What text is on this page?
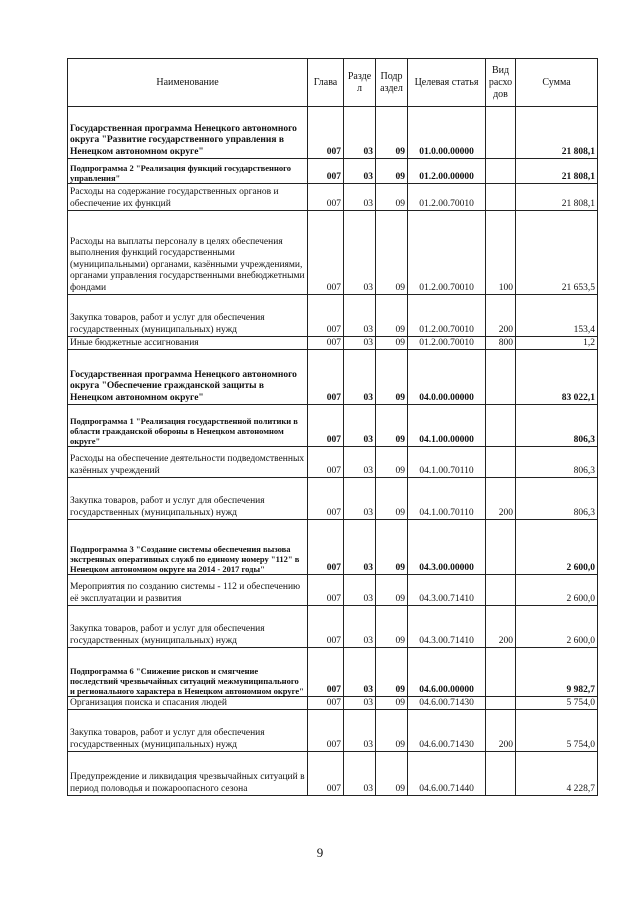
Наименование	Глава	Разде л	Подр аздел	Целевая статья	Вид расхо дов	Сумма
Государственная программа Ненецкого автономного округа "Развитие государственного управления в Ненецком автономном округе"	007	03	09	01.0.00.00000		21 808,1
Подпрограмма 2 "Реализация функций государственного управления"	007	03	09	01.2.00.00000		21 808,1
Расходы на содержание государственных органов и обеспечение их функций	007	03	09	01.2.00.70010		21 808,1
Расходы на выплаты персоналу в целях обеспечения выполнения функций государственными (муниципальными) органами, казёнными учреждениями, органами управления государственными внебюджетными фондами	007	03	09	01.2.00.70010	100	21 653,5
Закупка товаров, работ и услуг для обеспечения государственных (муниципальных) нужд	007	03	09	01.2.00.70010	200	153,4
Иные бюджетные ассигнования	007	03	09	01.2.00.70010	800	1,2
Государственная программа Ненецкого автономного округа "Обеспечение гражданской защиты в Ненецком автономном округе"	007	03	09	04.0.00.00000		83 022,1
Подпрограмма 1 "Реализация государственной политики в области гражданской обороны в Ненецком автономном округе"	007	03	09	04.1.00.00000		806,3
Расходы на обеспечение деятельности подведомственных казённых учреждений	007	03	09	04.1.00.70110		806,3
Закупка товаров, работ и услуг для обеспечения государственных (муниципальных) нужд	007	03	09	04.1.00.70110	200	806,3
Подпрограмма 3 "Создание системы обеспечения вызова экстренных оперативных служб по единому номеру "112" в Ненецком автономном округе на 2014 - 2017 годы"	007	03	09	04.3.00.00000		2 600,0
Мероприятия по созданию системы - 112 и обеспечению её эксплуатации и развития	007	03	09	04.3.00.71410		2 600,0
Закупка товаров, работ и услуг для обеспечения государственных (муниципальных) нужд	007	03	09	04.3.00.71410	200	2 600,0
Подпрограмма 6 "Снижение рисков и смягчение последствий чрезвычайных ситуаций межмуниципального и регионального характера в Ненецком автономном округе"	007	03	09	04.6.00.00000		9 982,7
Организация поиска и спасания людей	007	03	09	04.6.00.71430		5 754,0
Закупка товаров, работ и услуг для обеспечения государственных (муниципальных) нужд	007	03	09	04.6.00.71430	200	5 754,0
Предупреждение и ликвидация чрезвычайных ситуаций в период половодья и пожароопасного сезона	007	03	09	04.6.00.71440		4 228,7
9
